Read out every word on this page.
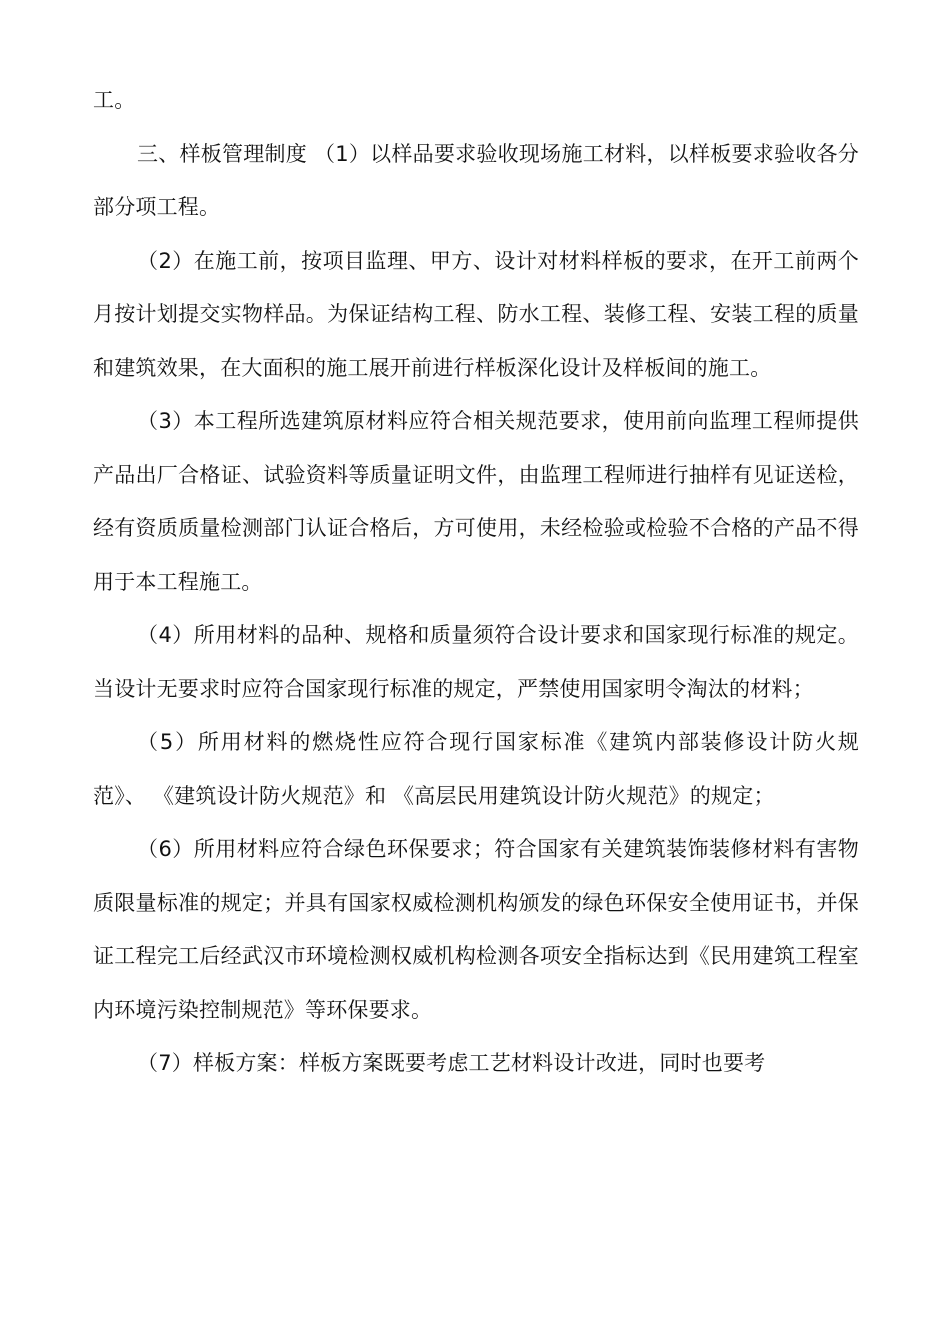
工。

三、样板管理制度 （1）以样品要求验收现场施工材料，以样板要求验收各分部分项工程。

（2）在施工前，按项目监理、甲方、设计对材料样板的要求，在开工前两个月按计划提交实物样品。为保证结构工程、防水工程、装修工程、安装工程的质量和建筑效果，在大面积的施工展开前进行样板深化设计及样板间的施工。

（3）本工程所选建筑原材料应符合相关规范要求，使用前向监理工程师提供产品出厂合格证、试验资料等质量证明文件，由监理工程师进行抽样有见证送检，经有资质质量检测部门认证合格后，方可使用，未经检验或检验不合格的产品不得用于本工程施工。

（4）所用材料的品种、规格和质量须符合设计要求和国家现行标准的规定。当设计无要求时应符合国家现行标准的规定，严禁使用国家明令淘汰的材料；

（5）所用材料的燃烧性应符合现行国家标准《建筑内部装修设计防火规范》、 《建筑设计防火规范》和 《高层民用建筑设计防火规范》的规定；

（6）所用材料应符合绿色环保要求；符合国家有关建筑装饰装修材料有害物质限量标准的规定；并具有国家权威检测机构颁发的绿色环保安全使用证书，并保证工程完工后经武汉市环境检测权威机构检测各项安全指标达到《民用建筑工程室内环境污染控制规范》等环保要求。

（7）样板方案：样板方案既要考虑工艺材料设计改进，同时也要考
